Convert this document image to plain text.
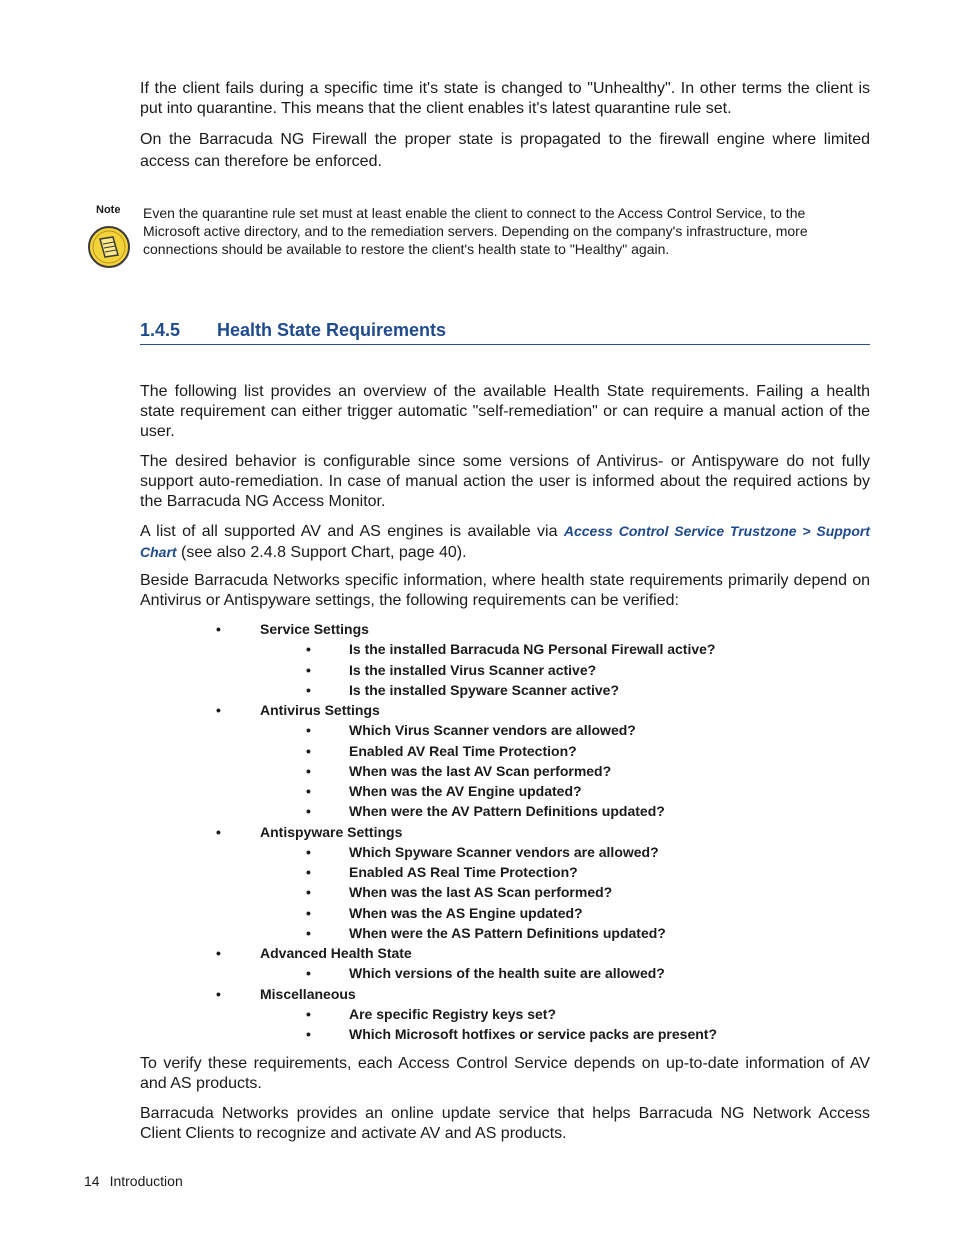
If the client fails during a specific time it's state is changed to "Unhealthy". In other terms the client is put into quarantine. This means that the client enables it's latest quarantine rule set.

On the Barracuda NG Firewall the proper state is propagated to the firewall engine where limited access can therefore be enforced.

Note Even the quarantine rule set must at least enable the client to connect to the Access Control Service, to the Microsoft active directory, and to the remediation servers. Depending on the company's infrastructure, more connections should be available to restore the client's health state to "Healthy" again.

1.4.5 Health State Requirements

The following list provides an overview of the available Health State requirements. Failing a health state requirement can either trigger automatic "self-remediation" or can require a manual action of the user.

The desired behavior is configurable since some versions of Antivirus- or Antispyware do not fully support auto-remediation. In case of manual action the user is informed about the required actions by the Barracuda NG Access Monitor.

A list of all supported AV and AS engines is available via Access Control Service Trustzone > Support Chart (see also 2.4.8 Support Chart, page 40).

Beside Barracuda Networks specific information, where health state requirements primarily depend on Antivirus or Antispyware settings, the following requirements can be verified:

•	Service Settings
•	Is the installed Barracuda NG Personal Firewall active?
•	Is the installed Virus Scanner active?
•	Is the installed Spyware Scanner active?
•	Antivirus Settings
•	Which Virus Scanner vendors are allowed?
•	Enabled AV Real Time Protection?
•	When was the last AV Scan performed?
•	When was the AV Engine updated?
•	When were the AV Pattern Definitions updated?
•	Antispyware Settings
•	Which Spyware Scanner vendors are allowed?
•	Enabled AS Real Time Protection?
•	When was the last AS Scan performed?
•	When was the AS Engine updated?
•	When were the AS Pattern Definitions updated?
•	Advanced Health State
•	Which versions of the health suite are allowed?
•	Miscellaneous
•	Are specific Registry keys set?
•	Which Microsoft hotfixes or service packs are present?

To verify these requirements, each Access Control Service depends on up-to-date information of AV and AS products.

Barracuda Networks provides an online update service that helps Barracuda NG Network Access Client Clients to recognize and activate AV and AS products.

14 Introduction
